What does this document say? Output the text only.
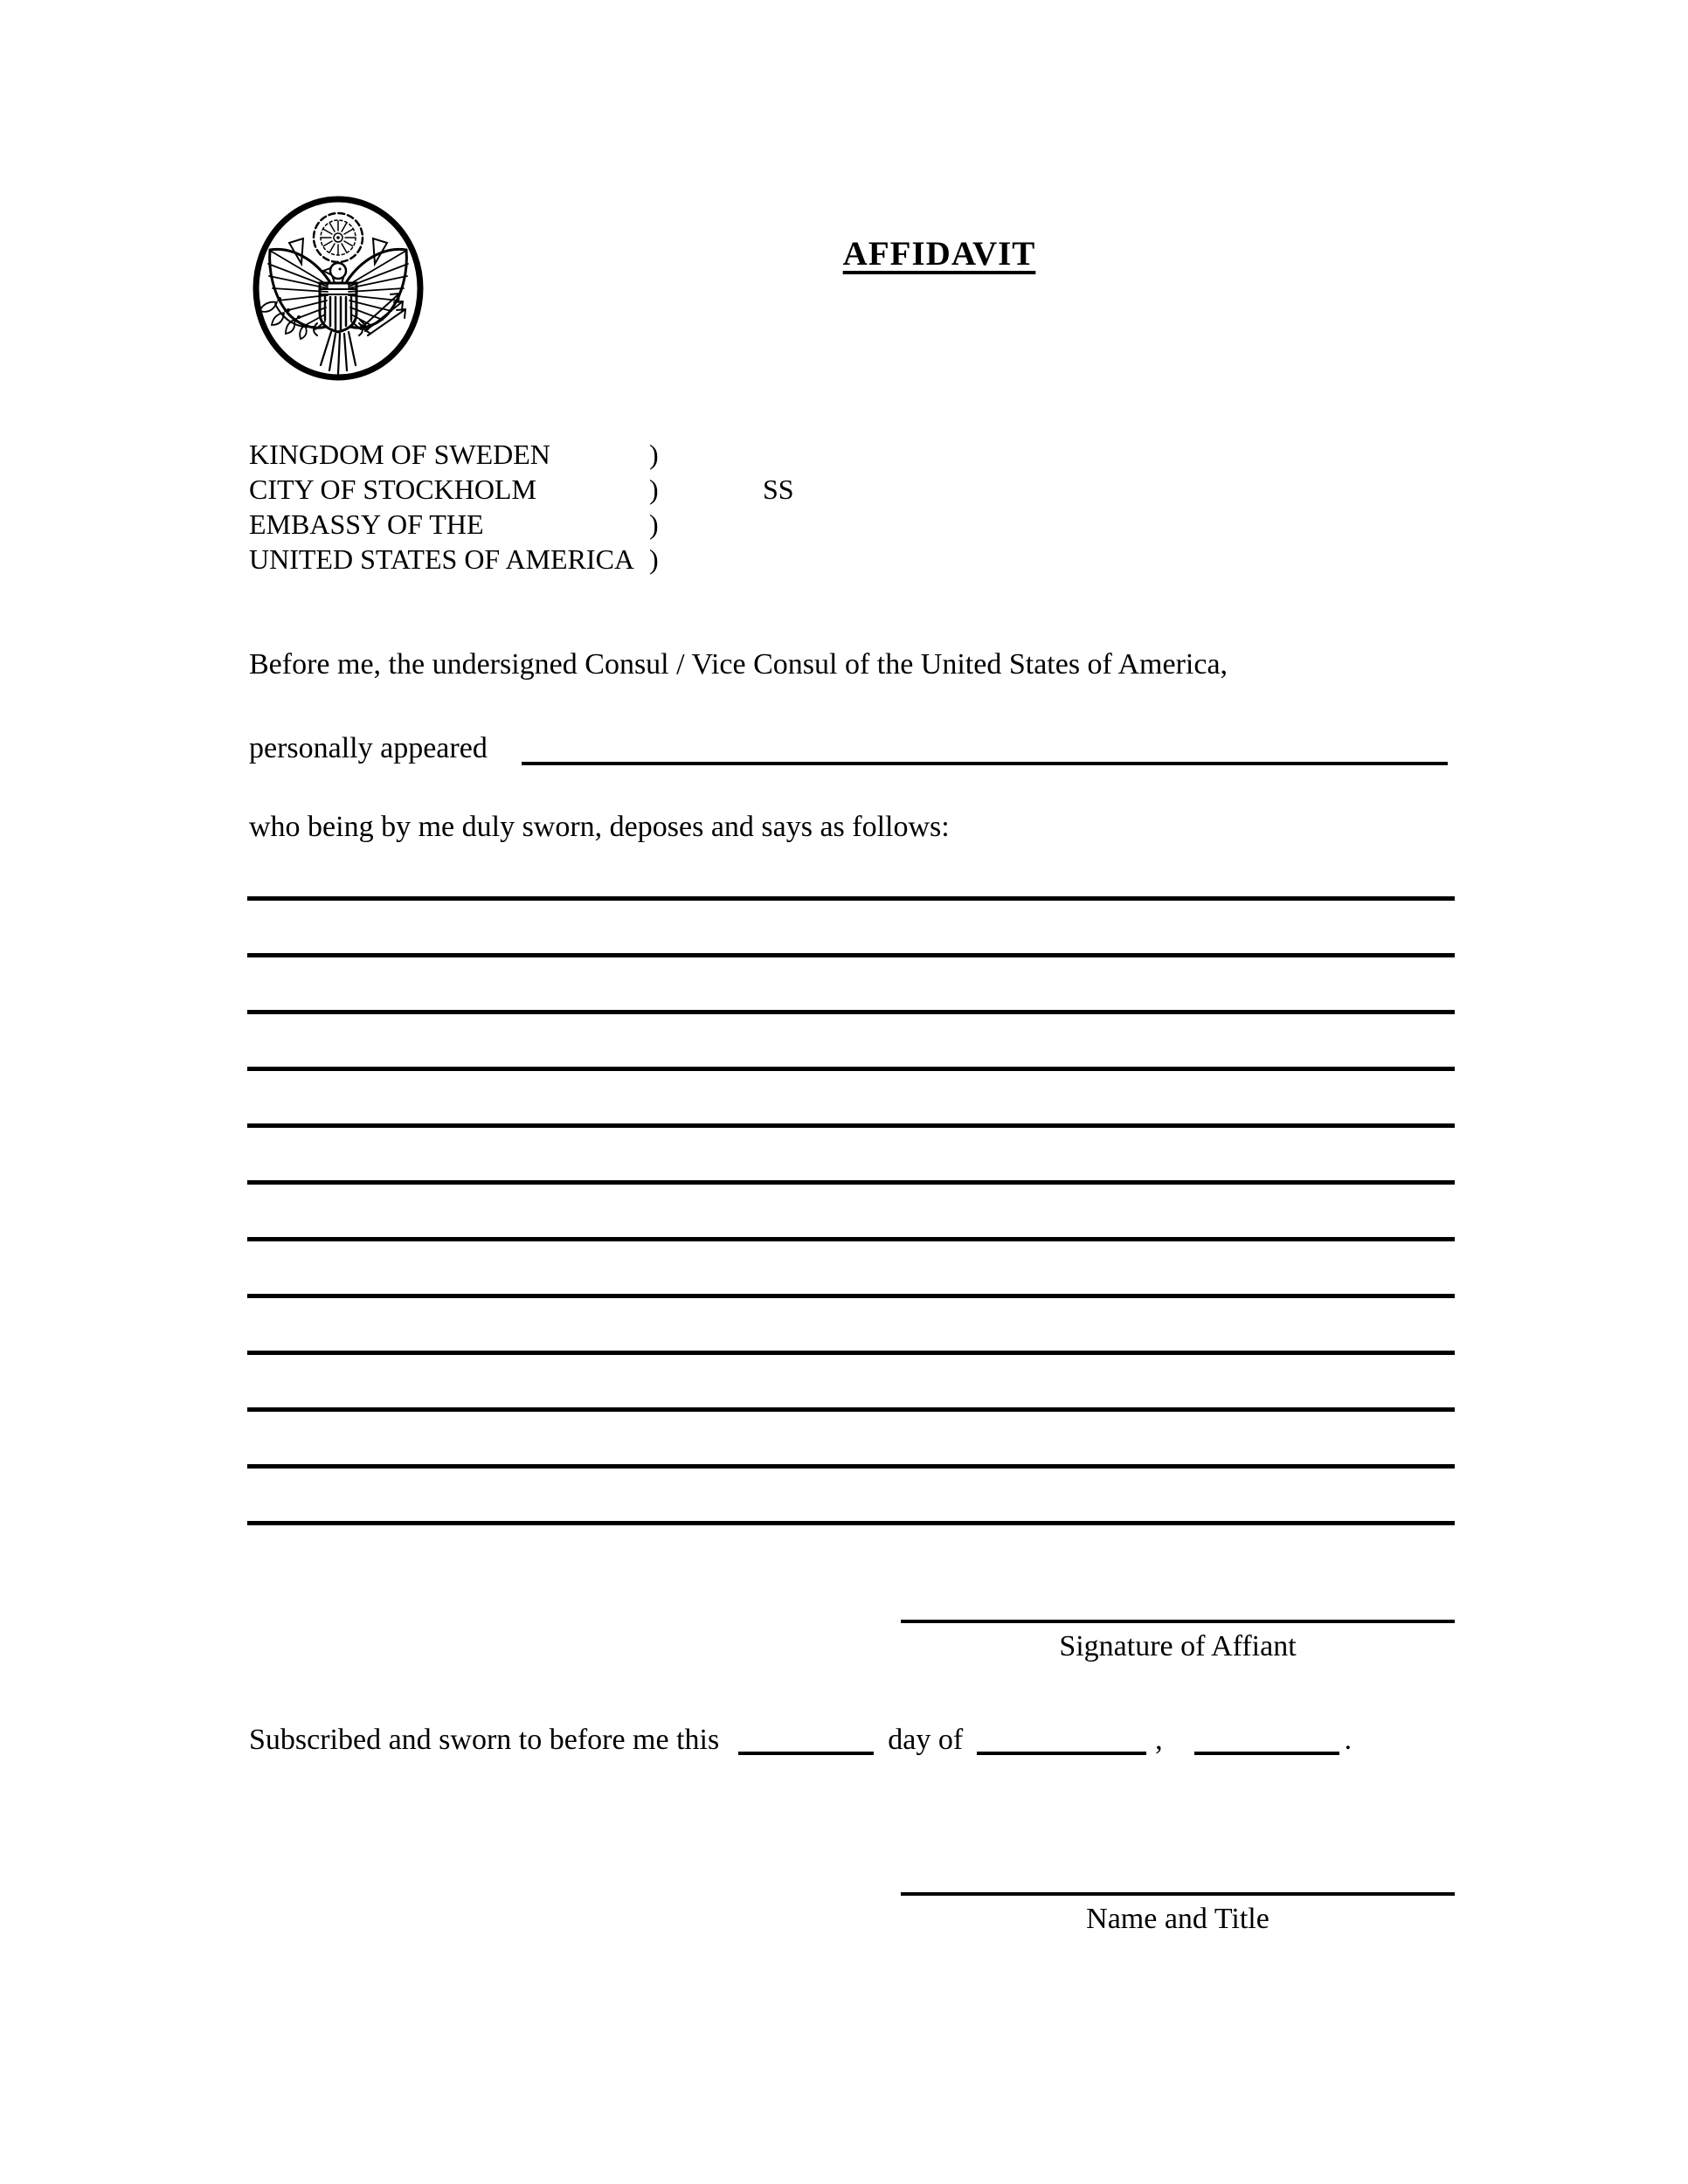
AFFIDAVIT
KINGDOM OF SWEDEN	)
CITY OF STOCKHOLM	)	SS
EMBASSY OF THE	)
UNITED STATES OF AMERICA )

Before me, the undersigned Consul / Vice Consul of the United States of America,

personally appeared

who being by me duly sworn, deposes and says as follows:

Signature of Affiant
Subscribed and sworn to before me this	day of	,	.
Name and Title
